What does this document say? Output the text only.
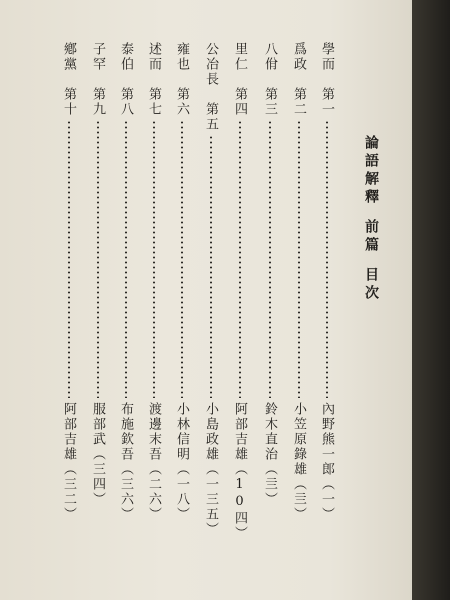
論語解釋前篇目次
學而　第一
內野熊一郎（一）
爲政　第二
小笠原錄雄（亖）
八佾　第三
鈴木直治（亖）
里仁　第四
阿部吉雄（10四）
公冶長　第五
小島政雄（一三五）
雍也　第六
小林信明（一八）
述而　第七
渡邊末吾（二六）
泰伯　第八
布施欽吾（三六）
子罕　第九
服部武（三四）
鄕黨　第十
阿部吉雄（三二）
